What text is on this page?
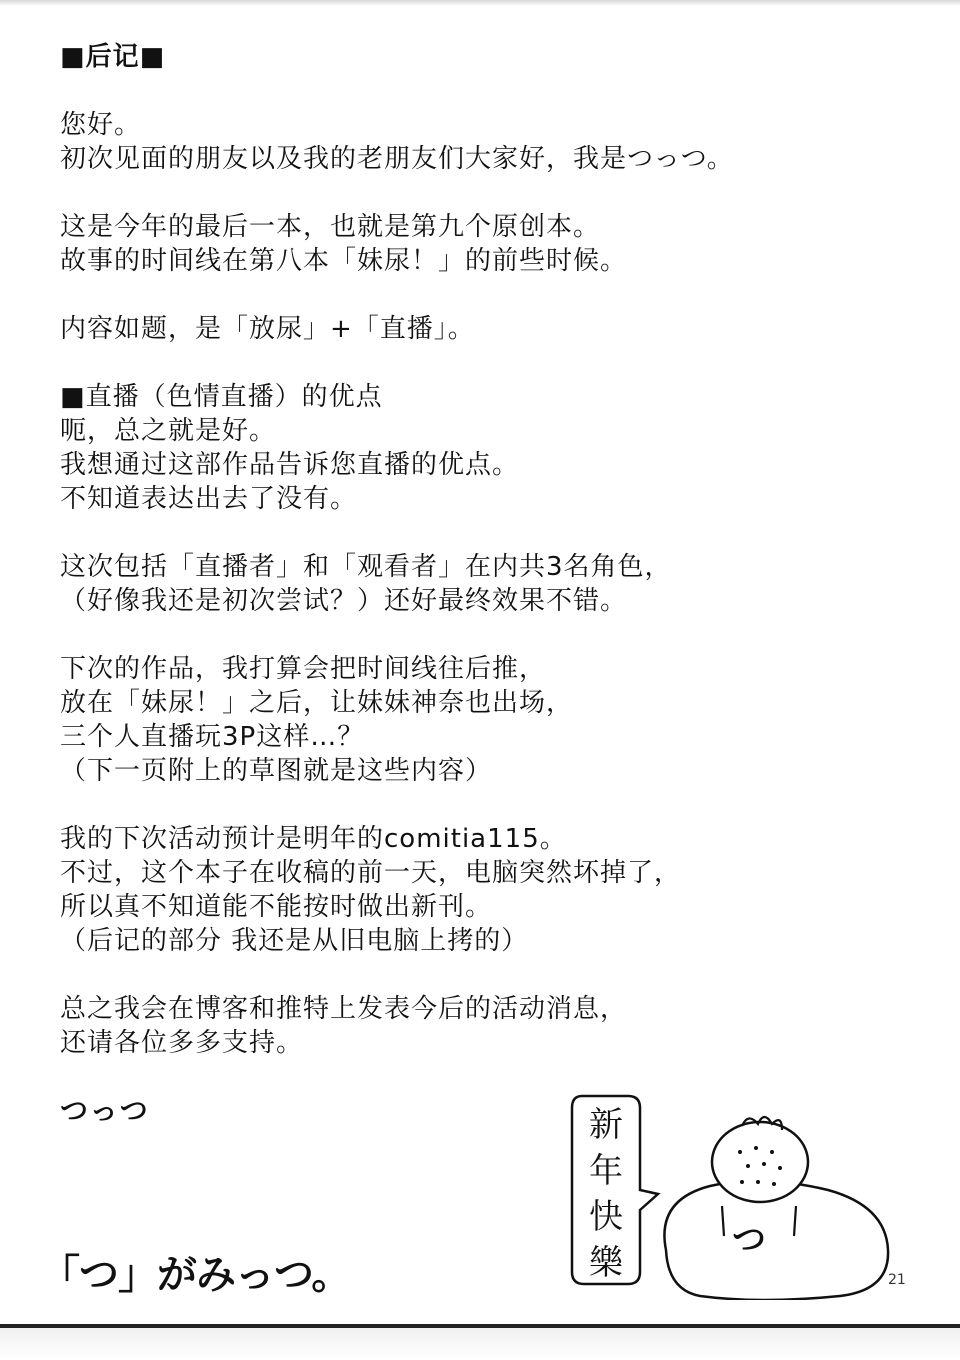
■后记■
您好。
初次见面的朋友以及我的老朋友们大家好，我是つっつ。
这是今年的最后一本，也就是第九个原创本。
故事的时间线在第八本「妹尿！」的前些时候。
内容如题，是「放尿」+「直播」。
■直播（色情直播）的优点
呃，总之就是好。
我想通过这部作品告诉您直播的优点。
不知道表达出去了没有。
这次包括「直播者」和「观看者」在内共3名角色，
（好像我还是初次尝试？）还好最终效果不错。
下次的作品，我打算会把时间线往后推，
放在「妹尿！」之后，让妹妹神奈也出场，
三个人直播玩3P这样…？
（下一页附上的草图就是这些内容）
我的下次活动预计是明年的comitia115。
不过，这个本子在收稿的前一天，电脑突然坏掉了，
所以真不知道能不能按时做出新刊。
（后记的部分 我还是从旧电脑上拷的）
总之我会在博客和推特上发表今后的活动消息，
还请各位多多支持。
つっつ	新
年
快
樂
つ
「つ」がみっつ。	21
